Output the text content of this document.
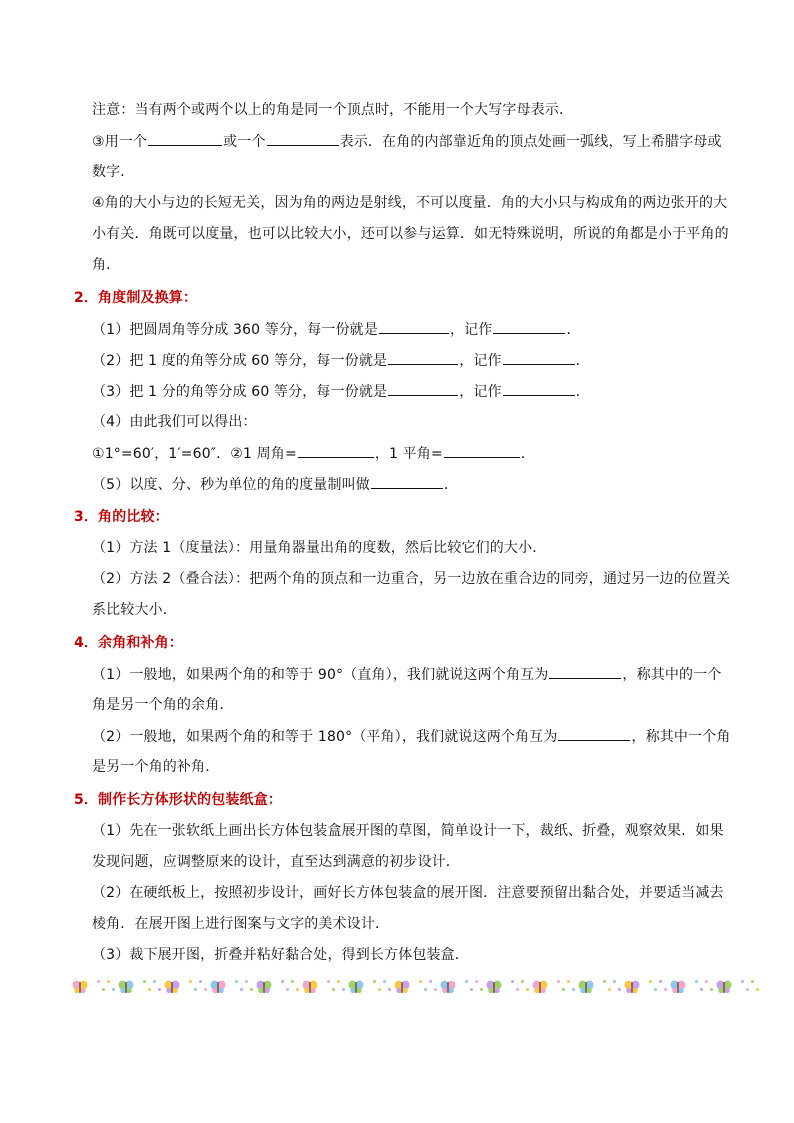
注意：当有两个或两个以上的角是同一个顶点时，不能用一个大写字母表示．
③用一个	或一个	表示．在角的内部靠近角的顶点处画一弧线，写上希腊字母或
数字．
④角的大小与边的长短无关，因为角的两边是射线，不可以度量．角的大小只与构成角的两边张开的大
小有关．角既可以度量，也可以比较大小，还可以参与运算．如无特殊说明，所说的角都是小于平角的
角．
2．角度制及换算：
（1）把圆周角等分成 360 等分，每一份就是	，记作	．
（2）把 1 度的角等分成 60 等分，每一份就是	，记作	．
（3）把 1 分的角等分成 60 等分，每一份就是	，记作	．
（4）由此我们可以得出：
①1°=60′，1′=60″．②1 周角=	，1 平角=	．
（5）以度、分、秒为单位的角的度量制叫做	．
3．角的比较：
（1）方法 1（度量法）：用量角器量出角的度数，然后比较它们的大小．
（2）方法 2（叠合法）：把两个角的顶点和一边重合，另一边放在重合边的同旁，通过另一边的位置关
系比较大小．
4．余角和补角：
（1）一般地，如果两个角的和等于 90°（直角），我们就说这两个角互为	，称其中的一个
角是另一个角的余角．
（2）一般地，如果两个角的和等于 180°（平角），我们就说这两个角互为	，称其中一个角
是另一个角的补角．
5．制作长方体形状的包装纸盒：
（1）先在一张软纸上画出长方体包装盒展开图的草图，简单设计一下，裁纸、折叠，观察效果．如果
发现问题，应调整原来的设计，直至达到满意的初步设计．
（2）在硬纸板上，按照初步设计，画好长方体包装盒的展开图．注意要预留出黏合处，并要适当减去
棱角．在展开图上进行图案与文字的美术设计．
（3）裁下展开图，折叠并粘好黏合处，得到长方体包装盒．
